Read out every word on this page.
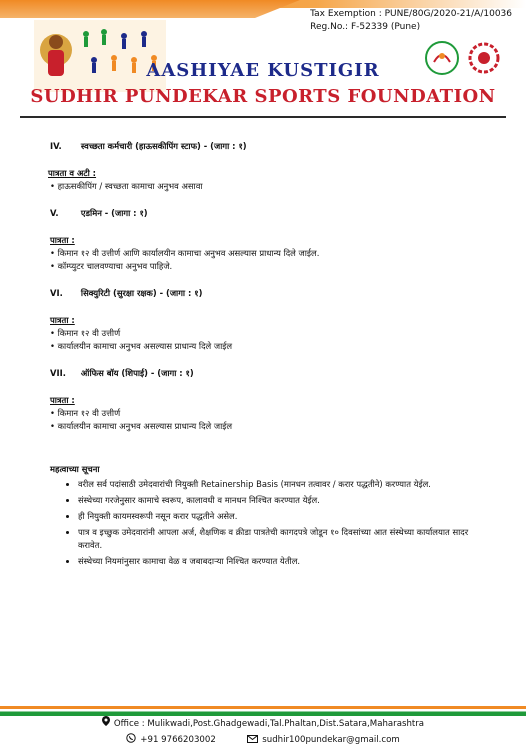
Tax Exemption : PUNE/80G/2020-21/A/10036
Reg.No.: F-52339 (Pune)
AASHIYAE KUSTIGIR
SUDHIR PUNDEKAR SPORTS FOUNDATION

IV. स्वच्छता कर्मचारी (हाऊसकीपिंग स्टाफ) - (जागा : १)

पात्रता व अटी :

• हाऊसकीपिंग / स्वच्छता कामाचा अनुभव असावा

V.	एडमिन - (जागा : १)

पात्रता :

• किमान १२ वी उत्तीर्ण आणि कार्यालयीन कामाचा अनुभव असल्यास प्राधान्य दिले जाईल.

• कॉम्प्युटर चालवण्याचा अनुभव पाहिजे.

VI. सिक्युरिटी (सुरक्षा रक्षक) - (जागा : १)

पात्रता :

• किमान १२ वी उत्तीर्ण

• कार्यालयीन कामाचा अनुभव असल्यास प्राधान्य दिले जाईल

VII. ऑफिस बॉय (शिपाई) - (जागा : १)

पात्रता :

• किमान १२ वी उत्तीर्ण

• कार्यालयीन कामाचा अनुभव असल्यास प्राधान्य दिले जाईल

महत्वाच्या सूचना

• वरील सर्व पदांसाठी उमेदवारांची नियुक्ती Retainership Basis (मानधन तत्वावर / करार पद्धतीने) करण्यात येईल.
• संस्थेच्या गरजेनुसार कामाचे स्वरूप, कालावधी व मानधन निश्चित करण्यात येईल.
• ही नियुक्ती कायमस्वरूपी नसून करार पद्धतीने असेल.
• पात्र व इच्छुक उमेदवारांनी आपला अर्ज, शैक्षणिक व क्रीडा पात्रतेची कागदपत्रे जोडून १० दिवसांच्या आत संस्थेच्या कार्यालयात सादर करावेत.
• संस्थेच्या नियमांनुसार कामाचा वेळ व जबाबदाऱ्या निश्चित करण्यात येतील.
Office : Mulikwadi,Post.Ghadgewadi,Tal.Phaltan,Dist.Satara,Maharashtra
+91 9766203002	sudhir100pundekar@gmail.com
